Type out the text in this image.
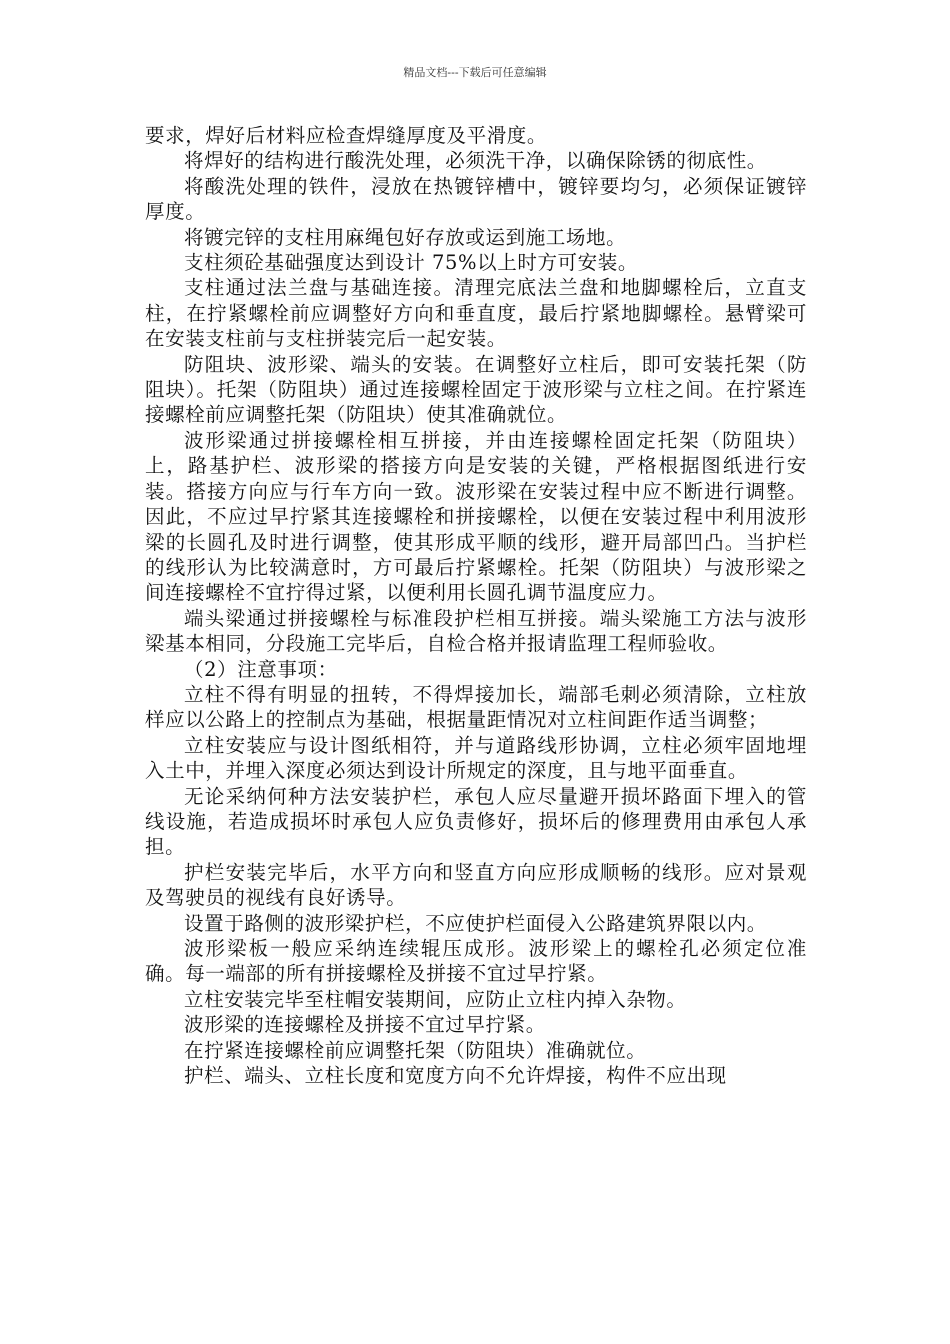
精品文档---下载后可任意编辑

要求，焊好后材料应检查焊缝厚度及平滑度。

将焊好的结构进行酸洗处理，必须洗干净，以确保除锈的彻底性。

将酸洗处理的铁件，浸放在热镀锌槽中，镀锌要均匀，必须保证镀锌厚度。

将镀完锌的支柱用麻绳包好存放或运到施工场地。

支柱须砼基础强度达到设计 75%以上时方可安装。

支柱通过法兰盘与基础连接。清理完底法兰盘和地脚螺栓后，立直支柱，在拧紧螺栓前应调整好方向和垂直度，最后拧紧地脚螺栓。悬臂梁可在安装支柱前与支柱拼装完后一起安装。

防阻块、波形梁、端头的安装。在调整好立柱后，即可安装托架（防阻块）。托架（防阻块）通过连接螺栓固定于波形梁与立柱之间。在拧紧连接螺栓前应调整托架（防阻块）使其准确就位。

波形梁通过拼接螺栓相互拼接，并由连接螺栓固定托架（防阻块）上，路基护栏、波形梁的搭接方向是安装的关键，严格根据图纸进行安装。搭接方向应与行车方向一致。波形梁在安装过程中应不断进行调整。因此，不应过早拧紧其连接螺栓和拼接螺栓，以便在安装过程中利用波形梁的长圆孔及时进行调整，使其形成平顺的线形，避开局部凹凸。当护栏的线形认为比较满意时，方可最后拧紧螺栓。托架（防阻块）与波形梁之间连接螺栓不宜拧得过紧，以便利用长圆孔调节温度应力。

端头梁通过拼接螺栓与标准段护栏相互拼接。端头梁施工方法与波形梁基本相同，分段施工完毕后，自检合格并报请监理工程师验收。

（2）注意事项：

立柱不得有明显的扭转，不得焊接加长，端部毛刺必须清除，立柱放样应以公路上的控制点为基础，根据量距情况对立柱间距作适当调整；

立柱安装应与设计图纸相符，并与道路线形协调，立柱必须牢固地埋入土中，并埋入深度必须达到设计所规定的深度，且与地平面垂直。

无论采纳何种方法安装护栏，承包人应尽量避开损坏路面下埋入的管线设施，若造成损坏时承包人应负责修好，损坏后的修理费用由承包人承担。

护栏安装完毕后，水平方向和竖直方向应形成顺畅的线形。应对景观及驾驶员的视线有良好诱导。

设置于路侧的波形梁护栏，不应使护栏面侵入公路建筑界限以内。

波形梁板一般应采纳连续辊压成形。波形梁上的螺栓孔必须定位准确。每一端部的所有拼接螺栓及拼接不宜过早拧紧。

立柱安装完毕至柱帽安装期间，应防止立柱内掉入杂物。

波形梁的连接螺栓及拼接不宜过早拧紧。

在拧紧连接螺栓前应调整托架（防阻块）准确就位。

护栏、端头、立柱长度和宽度方向不允许焊接，构件不应出现
